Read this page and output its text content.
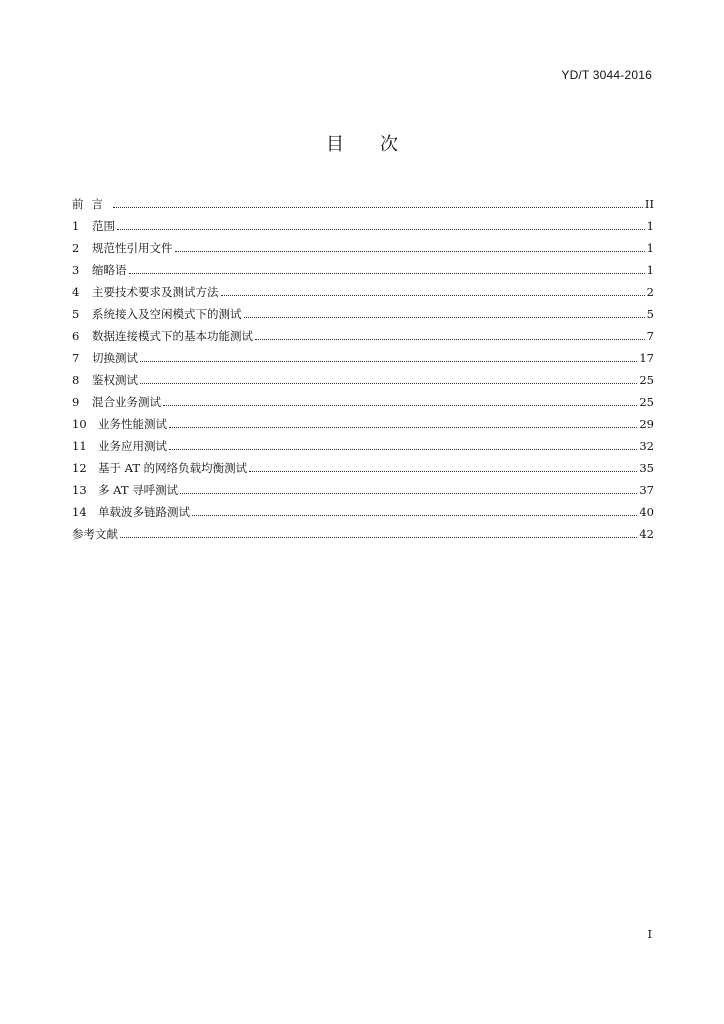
YD/T 3044-2016
目次
前言	II
1	范围	1
2	规范性引用文件	1
3	缩略语	1
4	主要技术要求及测试方法	2
5	系统接入及空闲模式下的测试	5
6	数据连接模式下的基本功能测试	7
7	切换测试	17
8	鉴权测试	25
9	混合业务测试	25
10 业务性能测试	29
11 业务应用测试	32
12 基于 AT 的网络负载均衡测试	35
13 多 AT 寻呼测试	37
14 单载波多链路测试	40
参考文献	42
I
